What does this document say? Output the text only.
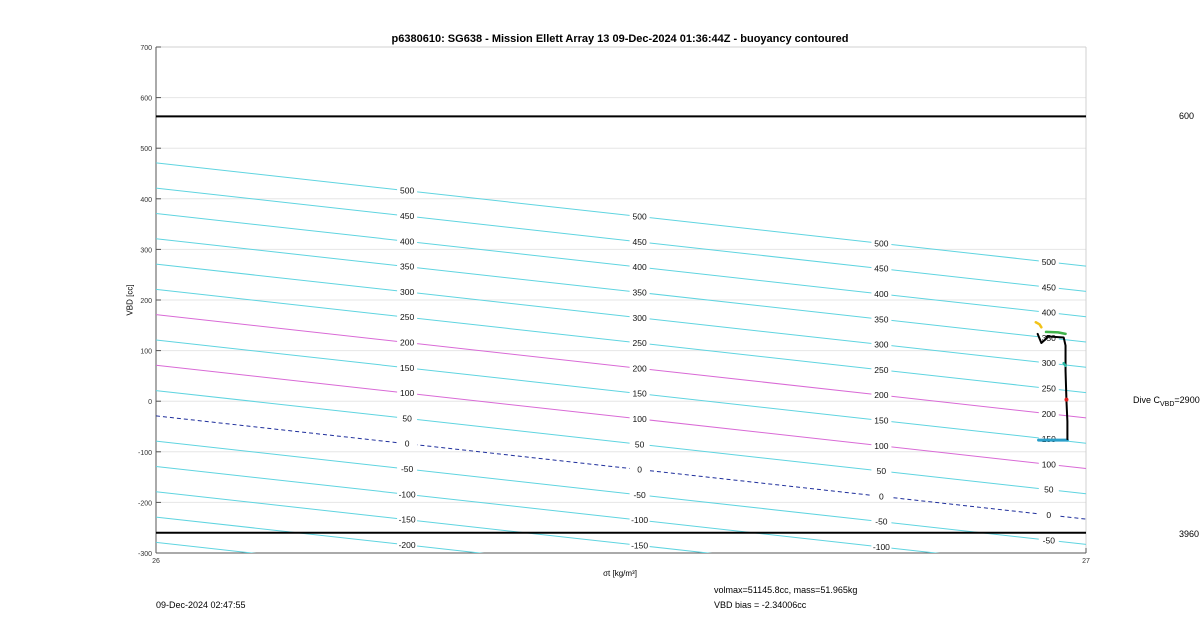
-300
-200
-100
0
100
200
300
400
500
600
700
26	27
-200
-150
-100
-50
0
50
100
150
200
250
300
350
400
450
500
-150
-100
-50
0
50
100
150
200
250
300
350
400
450
500
-100
-50
0
50
100
150
200
250
300
350
400
450
500
-50
0
50
100
150
200
250
300
350
400
450
500
p6380610: SG638 - Mission Ellett Array 13 09-Dec-2024 01:36:44Z - buoyancy contoured
VBD [cc]
σt [kg/m³]
09-Dec-2024 02:47:55
volmax=51145.8cc, mass=51.965kg
VBD bias = -2.34006cc
600
3960
Dive $C_{VBD}=2900$
